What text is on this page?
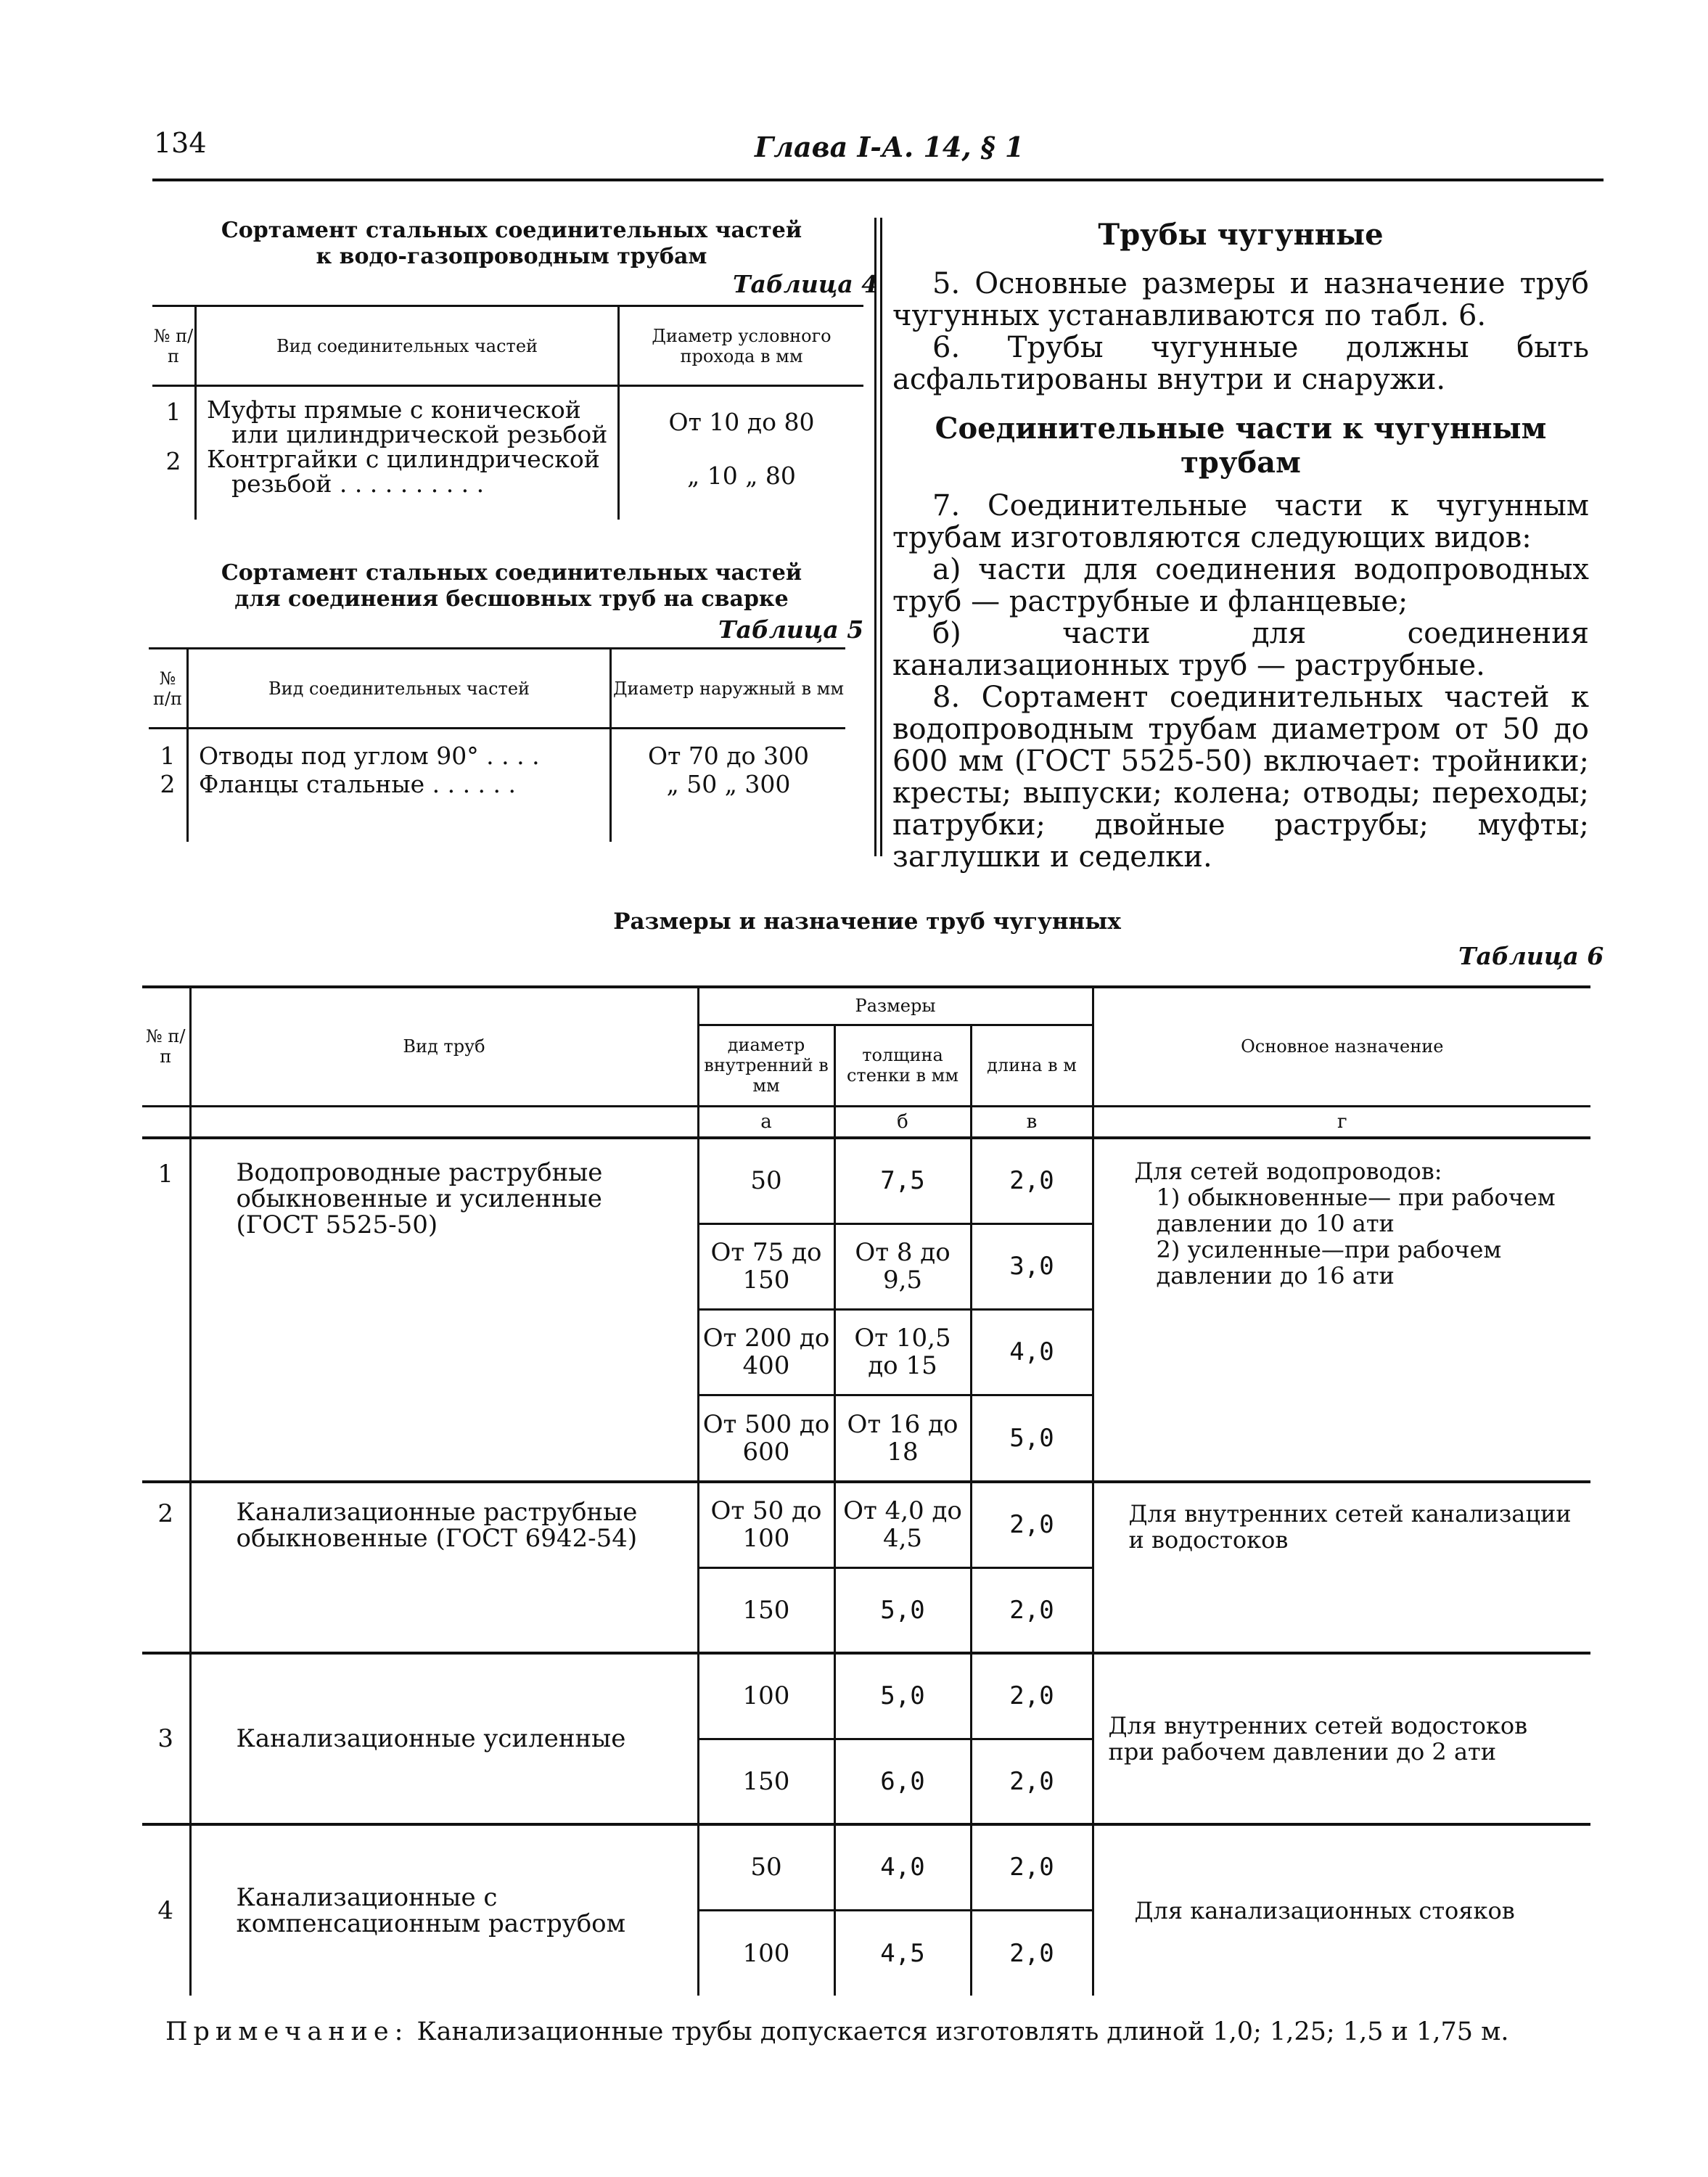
134	Глава I-А. 14, § 1
Сортамент стальных соединительных частей
к водо-газопроводным трубам
Таблица 4
№ п/п	Вид соединительных частей	Диаметр условного прохода в мм

1	Муфты прямые с конической
или цилиндрической резьбой	От 10 до 80
2	Контргайки с цилиндрической
резьбой . . . . . . . . . .	„ 10 „ 80

Сортамент стальных соединительных частей
для соединения бесшовных труб на сварке
Таблица 5
№ п/п	Вид соединительных частей	Диаметр наружный в мм

1	Отводы под углом 90° . . . .	От 70 до 300
2	Фланцы стальные . . . . . .	„ 50 „ 300

Трубы чугунные
5. Основные размеры и назначение труб чугунных устанавливаются по табл. 6.
6. Трубы чугунные должны быть асфальтированы внутри и снаружи.
Соединительные части к чугунным трубам
7. Соединительные части к чугунным трубам изготовляются следующих видов:
а) части для соединения водопроводных труб — раструбные и фланцевые;
б) части для соединения канализационных труб — раструбные.
8. Сортамент соединительных частей к водопроводным трубам диаметром от 50 до 600 мм (ГОСТ 5525-50) включает: тройники; кресты; выпуски; колена; отводы; переходы; патрубки; двойные раструбы; муфты; заглушки и седелки.
Размеры и назначение труб чугунных
Таблица 6
№ п/п	Вид труб	Размеры			Основное назначение
		диаметр внутренний в мм	толщина стенки в мм	длина в м	
		а	б	в	г
1	Водопроводные раструбные обыкновенные и усиленные (ГОСТ 5525-50)	50	7,5	2,0	Для сетей водопроводов:
1) обыкновенные— при рабочем давлении до 10 ати
2) усиленные—при рабочем давлении до 16 ати

		От 75 до 150	От 8 до 9,5	3,0	
		От 200 до 400	От 10,5 до 15	4,0	
		От 500 до 600	От 16 до 18	5,0	
2	Канализационные раструбные обыкновенные (ГОСТ 6942-54)	От 50 до 100	От 4,0 до 4,5	2,0	Для внутренних сетей канализации и водостоков
		150	5,0	2,0	
3	Канализационные усиленные	100	5,0	2,0	Для внутренних сетей водостоков при рабочем давлении до 2 ати
		150	6,0	2,0	
4	Канализационные с компенсационным раструбом	50	4,0	2,0	Для канализационных стояков
		100	4,5	2,0	
Примечание: Канализационные трубы допускается изготовлять длиной 1,0; 1,25; 1,5 и 1,75 м.
